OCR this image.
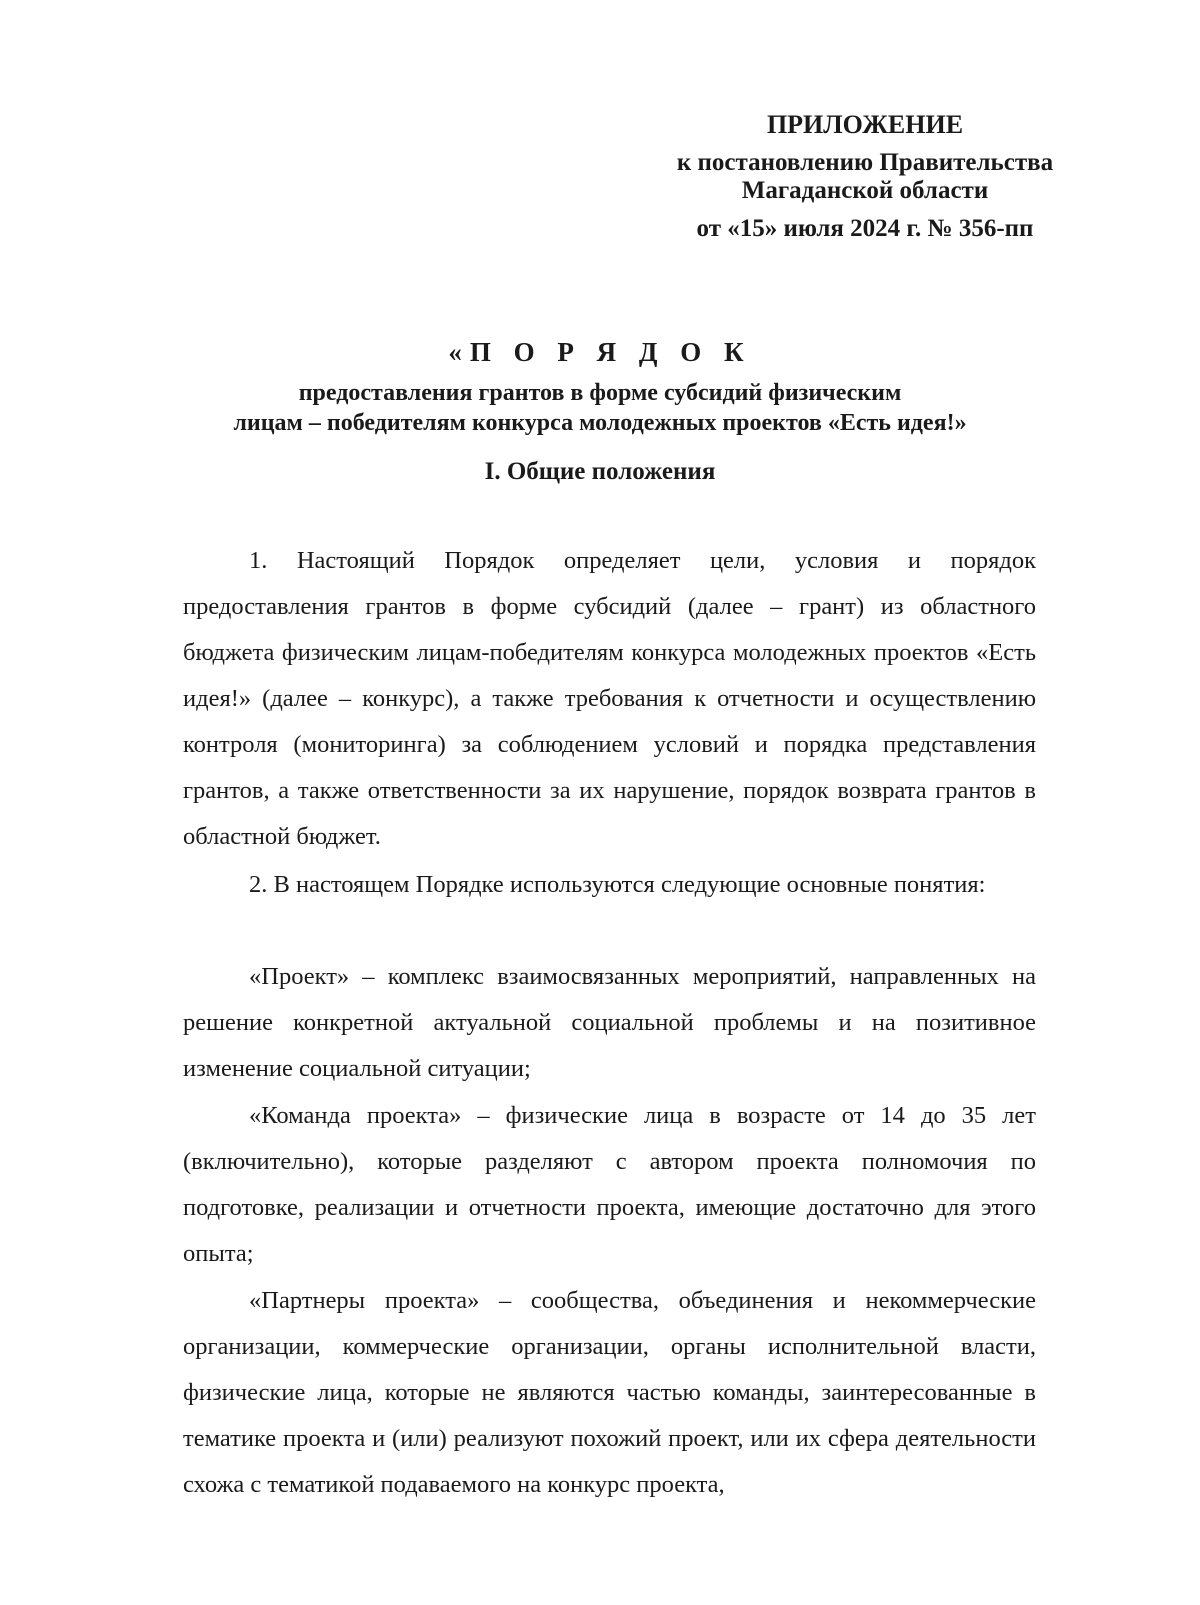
ПРИЛОЖЕНИЕ
к постановлению Правительства
Магаданской области
от «15» июля 2024 г. № 356-пп
«П О Р Я Д О К
предоставления грантов в форме субсидий физическим
лицам – победителям конкурса молодежных проектов «Есть идея!»
I. Общие положения

1. Настоящий Порядок определяет цели, условия и порядок предоставления грантов в форме субсидий (далее – грант) из областного бюджета физическим лицам-победителям конкурса молодежных проектов «Есть идея!» (далее – конкурс), а также требования к отчетности и осуществлению контроля (мониторинга) за соблюдением условий и порядка представления грантов, а также ответственности за их нарушение, порядок возврата грантов в областной бюджет.

2. В настоящем Порядке используются следующие основные понятия:

«Проект» – комплекс взаимосвязанных мероприятий, направленных на решение конкретной актуальной социальной проблемы и на позитивное изменение социальной ситуации;

«Команда проекта» – физические лица в возрасте от 14 до 35 лет (включительно), которые разделяют с автором проекта полномочия по подготовке, реализации и отчетности проекта, имеющие достаточно для этого опыта;

«Партнеры проекта» – сообщества, объединения и некоммерческие организации, коммерческие организации, органы исполнительной власти, физические лица, которые не являются частью команды, заинтересованные в тематике проекта и (или) реализуют похожий проект, или их сфера деятельности схожа с тематикой подаваемого на конкурс проекта,
